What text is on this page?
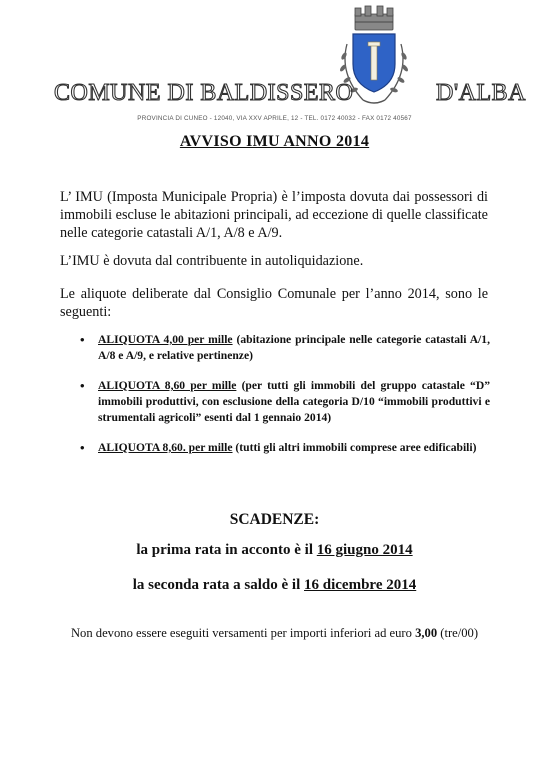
COMUNE DI BALDISSERO	D'ALBA
PROVINCIA DI CUNEO - 12040, VIA XXV APRILE, 12 - TEL. 0172 40032 - FAX 0172 40567
AVVISO IMU ANNO 2014
L’ IMU (Imposta Municipale Propria) è l’imposta dovuta dai possessori di immobili escluse le abitazioni principali, ad eccezione di quelle classificate nelle categorie catastali A/1, A/8 e A/9.
L’IMU è dovuta dal contribuente in autoliquidazione.
Le aliquote deliberate dal Consiglio Comunale per l’anno 2014, sono le seguenti:
• ALIQUOTA 4,00 per mille (abitazione principale nelle categorie catastali A/1, A/8 e A/9, e relative pertinenze)
• ALIQUOTA 8,60 per mille (per tutti gli immobili del gruppo catastale “D” immobili produttivi, con esclusione della categoria D/10 “immobili produttivi e strumentali agricoli” esenti dal 1 gennaio 2014)
• ALIQUOTA 8,60. per mille (tutti gli altri immobili comprese aree edificabili)
SCADENZE:
la prima rata in acconto è il 16 giugno 2014
la seconda rata a saldo è il 16 dicembre 2014
Non devono essere eseguiti versamenti per importi inferiori ad euro 3,00 (tre/00)
